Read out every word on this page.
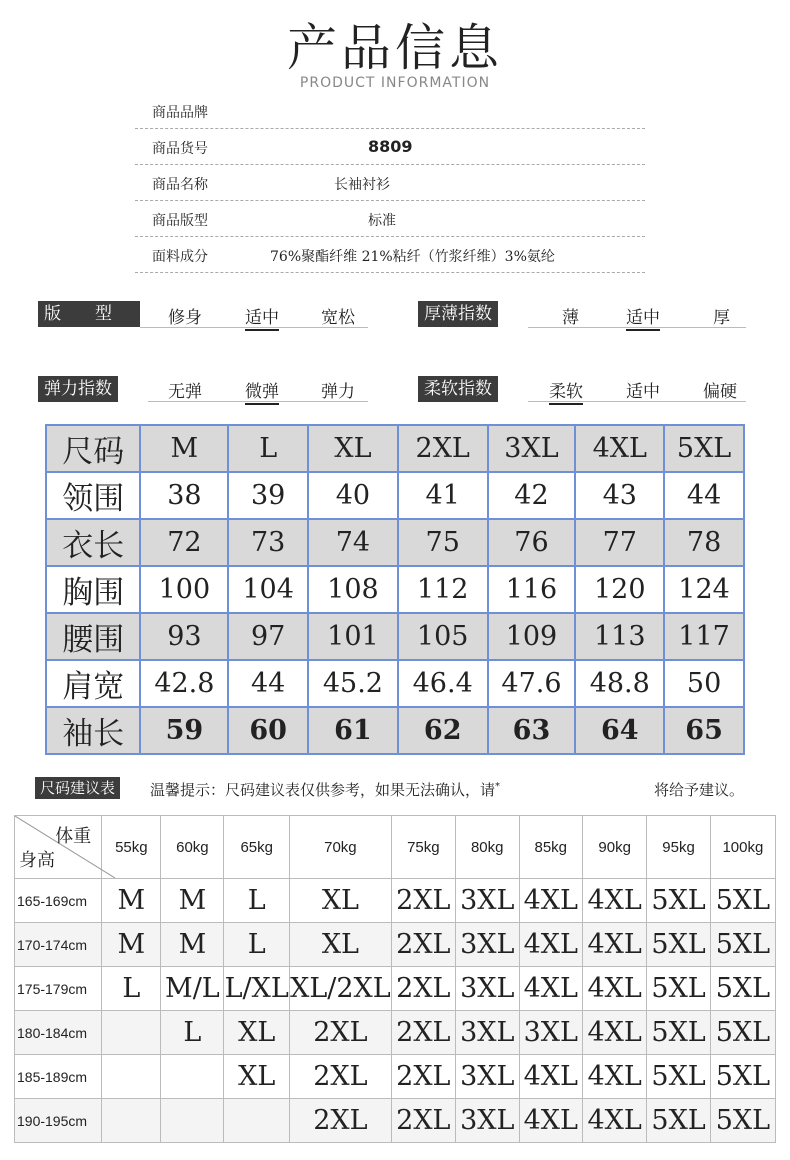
产品信息
PRODUCT INFORMATION
商品品牌
商品货号	8809
商品名称	长袖衬衫
商品版型	标准
面料成分	76%聚酯纤维 21%粘纤（竹浆纤维）3%氨纶
版　　型	修身	适中 宽松	厚薄指数	薄	适中	厚
弹力指数	无弹	微弹 弹力	柔软指数	柔软	适中	偏硬
尺码	M	L	XL	2XL	3XL	4XL	5XL
领围	38	39	40	41	42	43	44
衣长	72	73	74	75	76	77	78
胸围	100	104	108	112	116	120	124
腰围	93	97	101	105	109	113	117
肩宽	42.8	44	45.2	46.4	47.6	48.8	50
袖长	59	60	61	62	63	64	65
尺码建议表	温馨提示：尺码建议表仅供参考，如果无法确认，请*	将给予建议。
体重
身高	55kg	60kg	65kg	70kg	75kg	80kg	85kg	90kg	95kg	100kg
165-169cm	M	M	L	XL	2XL	3XL	4XL	4XL	5XL	5XL
170-174cm	M	M	L	XL	2XL	3XL	4XL	4XL	5XL	5XL
175-179cm	L	M/L	L/XL	XL/2XL	2XL	3XL	4XL	4XL	5XL	5XL
180-184cm		L	XL	2XL	2XL	3XL	3XL	4XL	5XL	5XL
185-189cm			XL	2XL	2XL	3XL	4XL	4XL	5XL	5XL
190-195cm				2XL	2XL	3XL	4XL	4XL	5XL	5XL
